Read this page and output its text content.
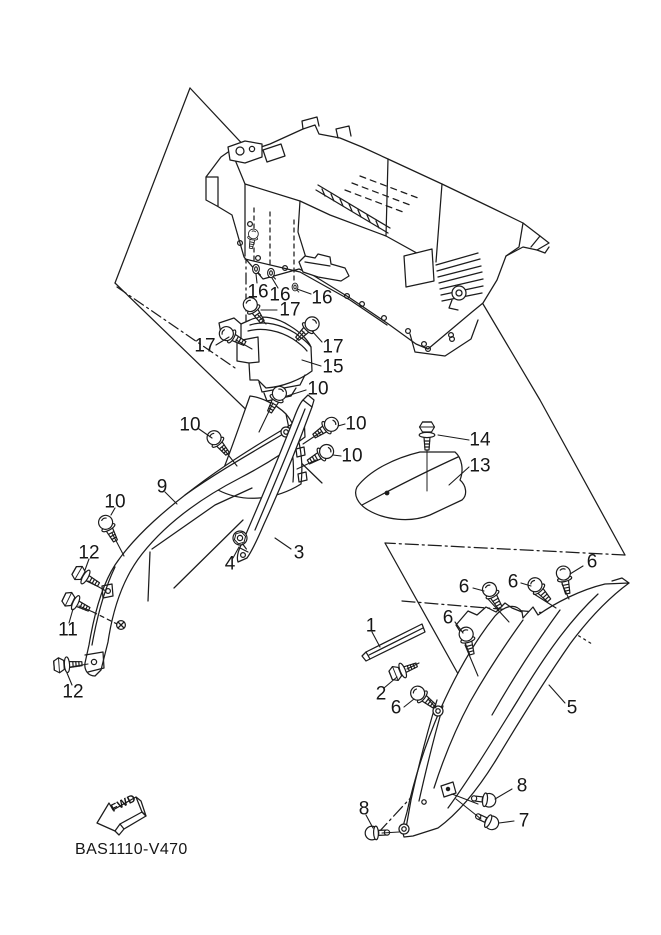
16 16 16
17
17	17
15
10
10
10
10
10
9
12
11
12
4
3
14
13
1
2
6 6
6
6
6	5
8
8
7
FWD
BAS1110-V470
